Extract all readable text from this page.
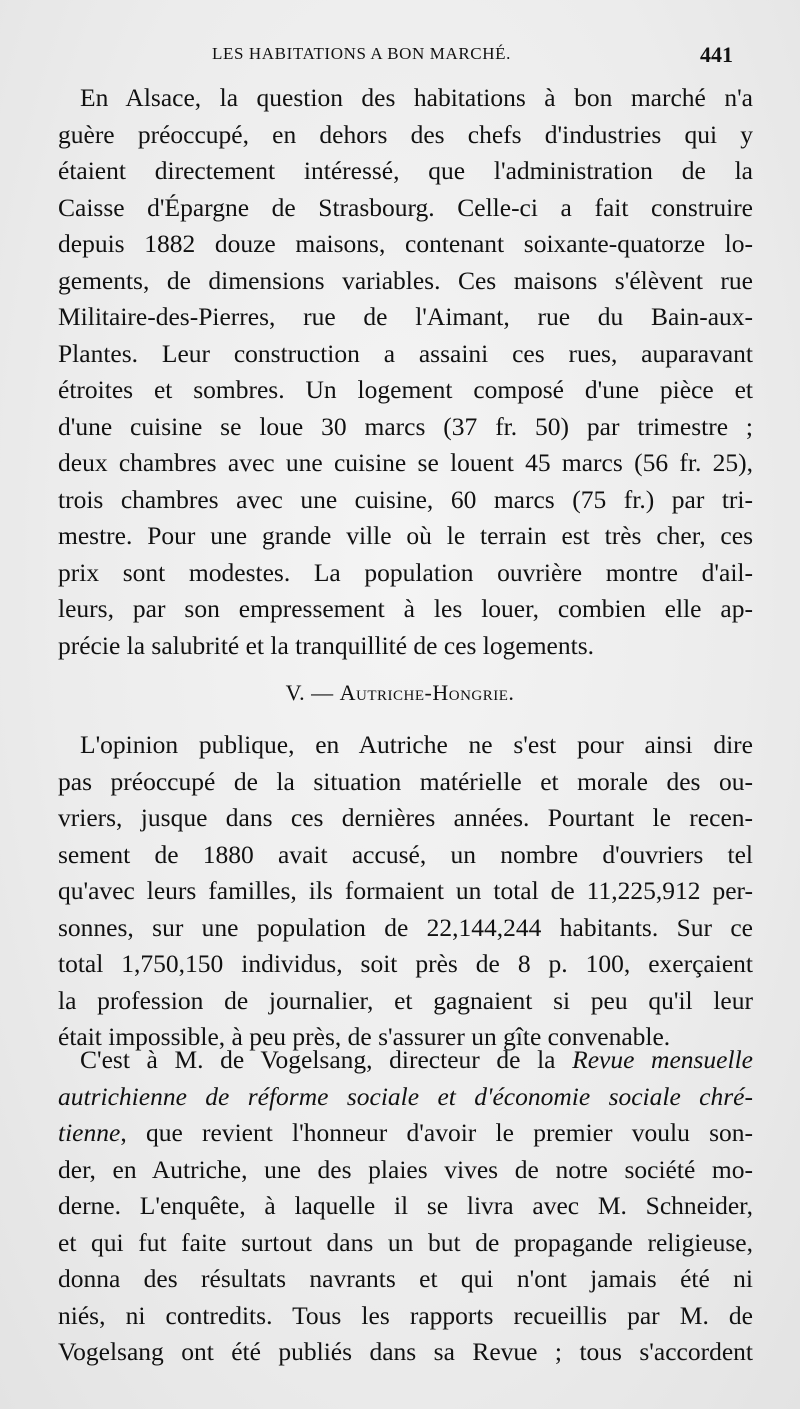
LES HABITATIONS A BON MARCHÉ.	441
En Alsace, la question des habitations à bon marché n'a
guère préoccupé, en dehors des chefs d'industries qui y
étaient directement intéressé, que l'administration de la
Caisse d'Épargne de Strasbourg. Celle-ci a fait construire
depuis 1882 douze maisons, contenant soixante-quatorze lo-
gements, de dimensions variables. Ces maisons s'élèvent rue
Militaire-des-Pierres, rue de l'Aimant, rue du Bain-aux-
Plantes. Leur construction a assaini ces rues, auparavant
étroites et sombres. Un logement composé d'une pièce et
d'une cuisine se loue 30 marcs (37 fr. 50) par trimestre ;
deux chambres avec une cuisine se louent 45 marcs (56 fr. 25),
trois chambres avec une cuisine, 60 marcs (75 fr.) par tri-
mestre. Pour une grande ville où le terrain est très cher, ces
prix sont modestes. La population ouvrière montre d'ail-
leurs, par son empressement à les louer, combien elle ap-
précie la salubrité et la tranquillité de ces logements.
V. — Autriche-Hongrie.
L'opinion publique, en Autriche ne s'est pour ainsi dire
pas préoccupé de la situation matérielle et morale des ou-
vriers, jusque dans ces dernières années. Pourtant le recen-
sement de 1880 avait accusé, un nombre d'ouvriers tel
qu'avec leurs familles, ils formaient un total de 11,225,912 per-
sonnes, sur une population de 22,144,244 habitants. Sur ce
total 1,750,150 individus, soit près de 8 p. 100, exerçaient
la profession de journalier, et gagnaient si peu qu'il leur
était impossible, à peu près, de s'assurer un gîte convenable.
C'est à M. de Vogelsang, directeur de la Revue mensuelle
autrichienne de réforme sociale et d'économie sociale chré-
tienne, que revient l'honneur d'avoir le premier voulu son-
der, en Autriche, une des plaies vives de notre société mo-
derne. L'enquête, à laquelle il se livra avec M. Schneider,
et qui fut faite surtout dans un but de propagande religieuse,
donna des résultats navrants et qui n'ont jamais été ni
niés, ni contredits. Tous les rapports recueillis par M. de
Vogelsang ont été publiés dans sa Revue ; tous s'accordent
